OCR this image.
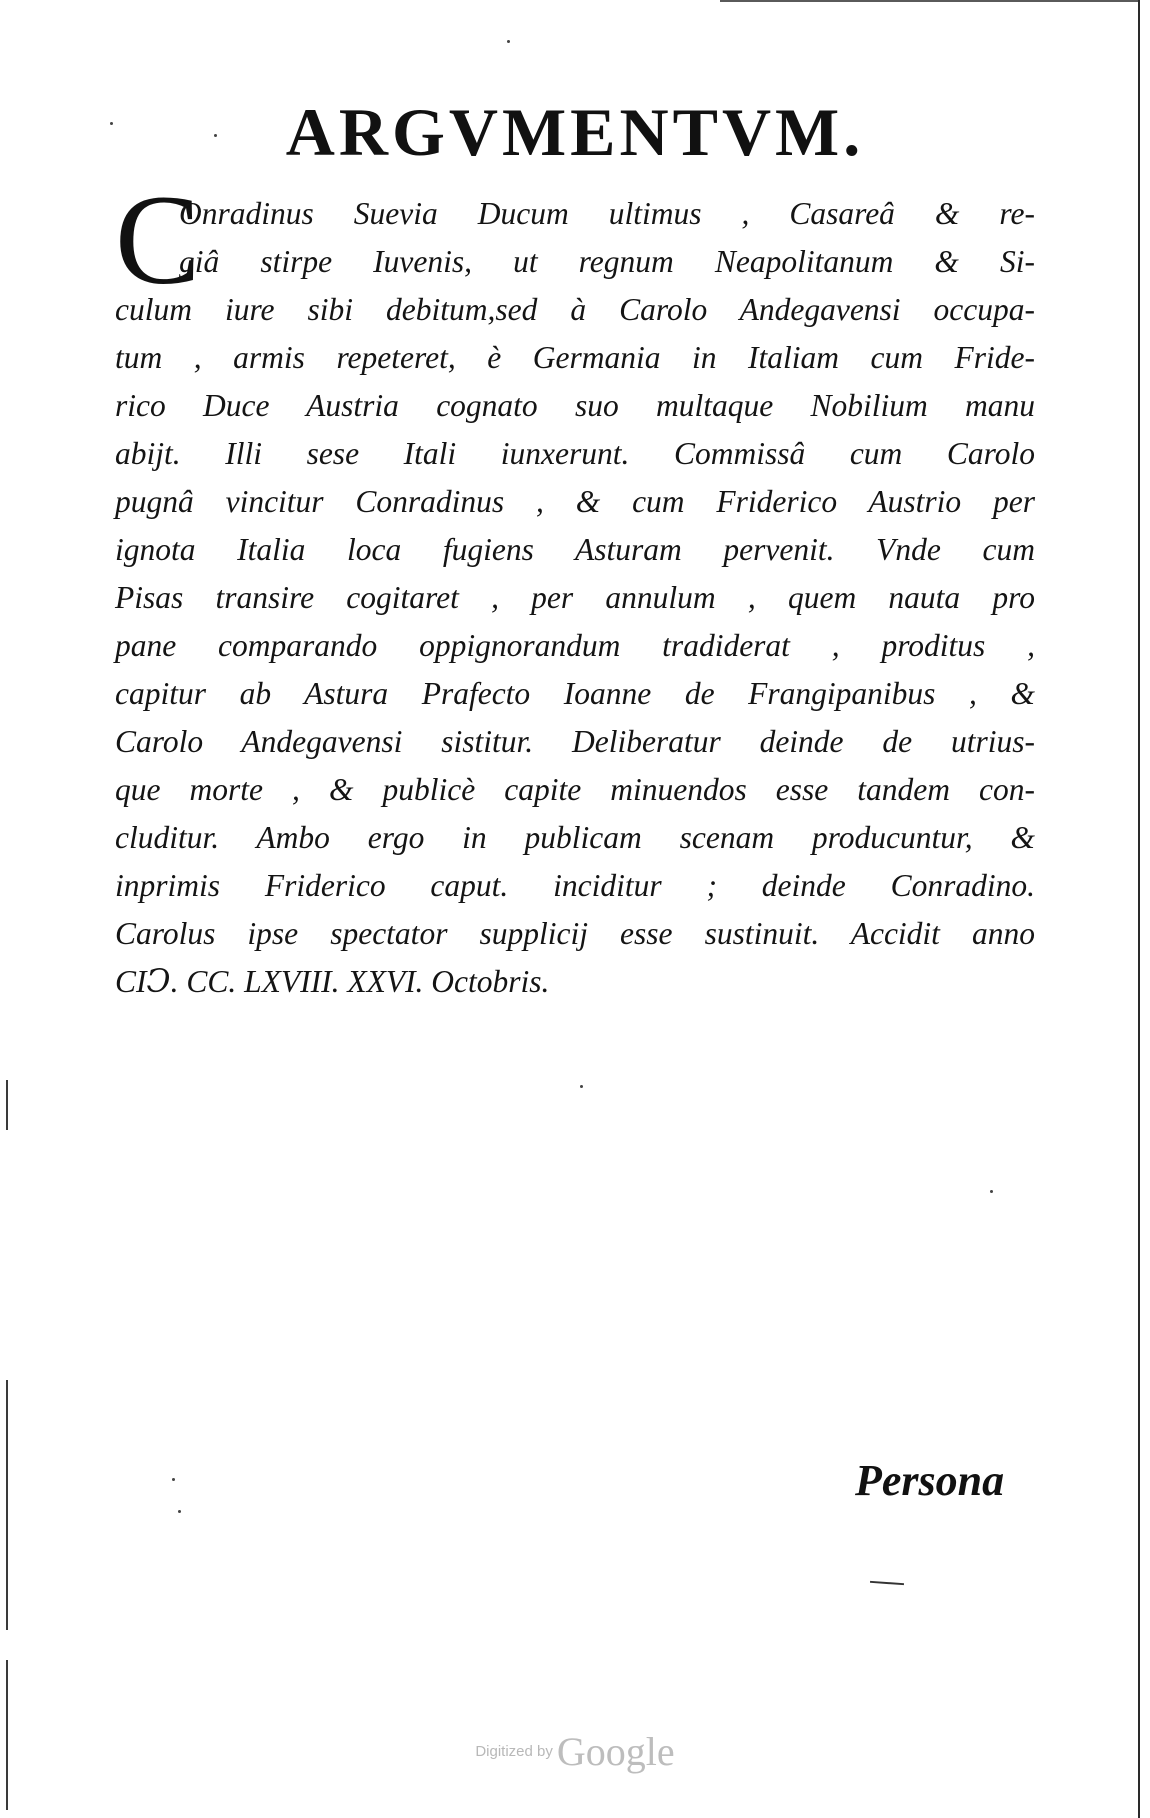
ARGVMENTVM.
C
Onradinus Suevia Ducum ultimus , Casareâ & re-
giâ stirpe Iuvenis, ut regnum Neapolitanum & Si-
culum iure sibi debitum,sed à Carolo Andegavensi occupa-
tum , armis repeteret, è Germania in Italiam cum Fride-
rico Duce Austria cognato suo multaque Nobilium manu
abijt. Illi sese Itali iunxerunt. Commissâ cum Carolo
pugnâ vincitur Conradinus , & cum Friderico Austrio per
ignota Italia loca fugiens Asturam pervenit. Vnde cum
Pisas transire cogitaret , per annulum , quem nauta pro
pane comparando oppignorandum tradiderat , proditus ,
capitur ab Astura Prafecto Ioanne de Frangipanibus , &
Carolo Andegavensi sistitur. Deliberatur deinde de utrius-
que morte , & publicè capite minuendos esse tandem con-
cluditur. Ambo ergo in publicam scenam producuntur, &
inprimis Friderico caput. inciditur ; deinde Conradino.
Carolus ipse spectator supplicij esse sustinuit. Accidit anno
CIↃ. CC. LXVIII. XXVI. Octobris.
Persona
Digitized by Google
